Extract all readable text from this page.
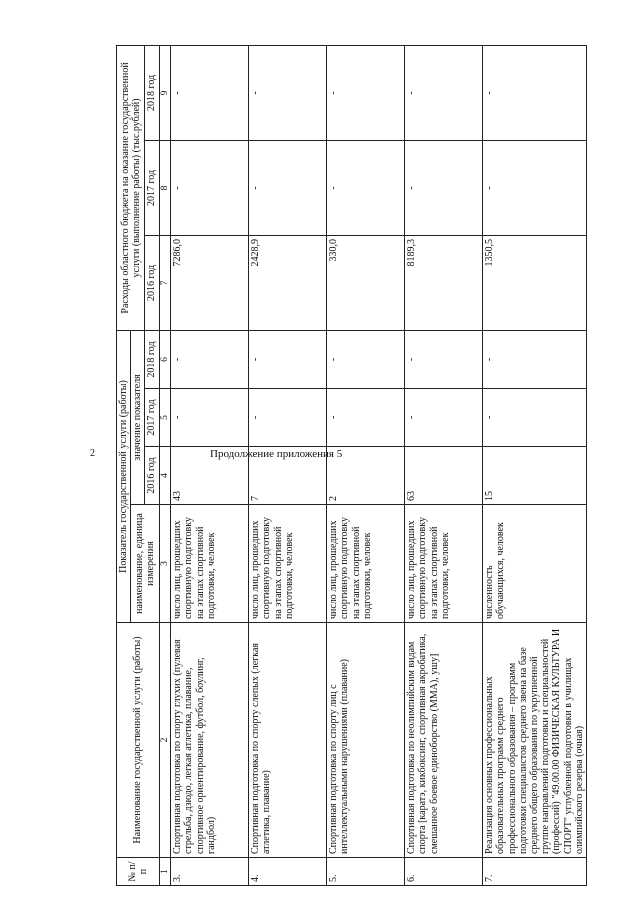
2	Продолжение приложения 5
№ п/п	Наименование государственной услуги (работы)	Показатель государственной услуги (работы)				Расходы областного бюджета на оказание государственной услуги (выполнение работы) (тыс.рублей)		
		наименование, единица измерения	значение показателя					
			2016 год	2017 год	2018 год	2016 год	2017 год	2018 год
1	2	3	4	5	6	7	8	9
3.	Спортивная подготовка по спорту глухих (пулевая стрельба, дзюдо, легкая атлетика, плавание, спортивное ориентирование, футбол, боулинг, гандбол)	число лиц, прошедших спортивную подготовку на этапах спортивной подготовки, человек	43	-	-	7286,0	-	-
4.	Спортивная подготовка по спорту слепых (легкая атлетика, плавание)	число лиц, прошедших спортивную подготовку на этапах спортивной подготовки, человек	7	-	-	2428,9	-	-
5.	Спортивная подготовка по спорту лиц с интеллектуальными нарушениями (плавание)	число лиц, прошедших спортивную подготовку на этапах спортивной подготовки, человек	2	-	-	330,0	-	-
6.	Спортивная подготовка по неолимпийским видам спорта [каратэ, кикбоксинг, спортивная акробатика, смешанное боевое единоборство (ММА), ушу]	число лиц, прошедших спортивную подготовку на этапах спортивной подготовки, человек	63	-	-	8189,3	-	-
7.	Реализация основных профессиональных образовательных программ среднего профессионального образования – программ подготовки специалистов среднего звена на базе среднего общего образования по укрупненной группе направлений подготовки и специальностей (профессий) "49.00.00 ФИЗИЧЕСКАЯ КУЛЬТУРА И СПОРТ" углубленной подготовки в училищах олимпийского резерва (очная)	численность обучающихся, человек	15	-	-	1350,5	-	-
